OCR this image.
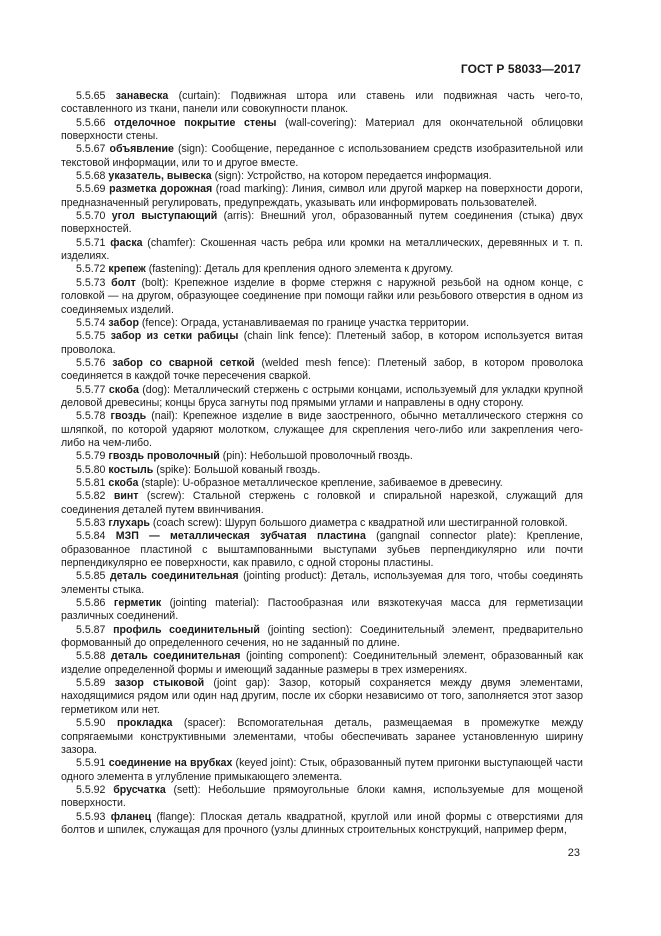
ГОСТ Р 58033—2017

5.5.65 занавеска (curtain): Подвижная штора или ставень или подвижная часть чего-то, составленного из ткани, панели или совокупности планок.

5.5.66 отделочное покрытие стены (wall-covering): Материал для окончательной облицовки поверхности стены.

5.5.67 объявление (sign): Сообщение, переданное с использованием средств изобразительной или текстовой информации, или то и другое вместе.

5.5.68 указатель, вывеска (sign): Устройство, на котором передается информация.

5.5.69 разметка дорожная (road marking): Линия, символ или другой маркер на поверхности дороги, предназначенный регулировать, предупреждать, указывать или информировать пользователей.

5.5.70 угол выступающий (arris): Внешний угол, образованный путем соединения (стыка) двух поверхностей.

5.5.71 фаска (chamfer): Скошенная часть ребра или кромки на металлических, деревянных и т. п. изделиях.

5.5.72 крепеж (fastening): Деталь для крепления одного элемента к другому.

5.5.73 болт (bolt): Крепежное изделие в форме стержня с наружной резьбой на одном конце, с головкой — на другом, образующее соединение при помощи гайки или резьбового отверстия в одном из соединяемых изделий.

5.5.74 забор (fence): Ограда, устанавливаемая по границе участка территории.

5.5.75 забор из сетки рабицы (chain link fence): Плетеный забор, в котором используется витая проволока.

5.5.76 забор со сварной сеткой (welded mesh fence): Плетеный забор, в котором проволока соединяется в каждой точке пересечения сваркой.

5.5.77 скоба (dog): Металлический стержень с острыми концами, используемый для укладки крупной деловой древесины; концы бруса загнуты под прямыми углами и направлены в одну сторону.

5.5.78 гвоздь (nail): Крепежное изделие в виде заостренного, обычно металлического стержня со шляпкой, по которой ударяют молотком, служащее для скрепления чего-либо или закрепления чего-либо на чем-либо.

5.5.79 гвоздь проволочный (pin): Небольшой проволочный гвоздь.

5.5.80 костыль (spike): Большой кованый гвоздь.

5.5.81 скоба (staple): U-образное металлическое крепление, забиваемое в древесину.

5.5.82 винт (screw): Стальной стержень с головкой и спиральной нарезкой, служащий для соединения деталей путем ввинчивания.

5.5.83 глухарь (coach screw): Шуруп большого диаметра с квадратной или шестигранной головкой.

5.5.84 МЗП — металлическая зубчатая пластина (gangnail connector plate): Крепление, образованное пластиной с выштампованными выступами зубьев перпендикулярно или почти перпендикулярно ее поверхности, как правило, с одной стороны пластины.

5.5.85 деталь соединительная (jointing product): Деталь, используемая для того, чтобы соединять элементы стыка.

5.5.86 герметик (jointing material): Пастообразная или вязкотекучая масса для герметизации различных соединений.

5.5.87 профиль соединительный (jointing section): Соединительный элемент, предварительно формованный до определенного сечения, но не заданный по длине.

5.5.88 деталь соединительная (jointing component): Соединительный элемент, образованный как изделие определенной формы и имеющий заданные размеры в трех измерениях.

5.5.89 зазор стыковой (joint gap): Зазор, который сохраняется между двумя элементами, находящимися рядом или один над другим, после их сборки независимо от того, заполняется этот зазор герметиком или нет.

5.5.90 прокладка (spacer): Вспомогательная деталь, размещаемая в промежутке между сопрягаемыми конструктивными элементами, чтобы обеспечивать заранее установленную ширину зазора.

5.5.91 соединение на врубках (keyed joint): Стык, образованный путем пригонки выступающей части одного элемента в углубление примыкающего элемента.

5.5.92 брусчатка (sett): Небольшие прямоугольные блоки камня, используемые для мощеной поверхности.

5.5.93 фланец (flange): Плоская деталь квадратной, круглой или иной формы с отверстиями для болтов и шпилек, служащая для прочного (узлы длинных строительных конструкций, например ферм,

23
